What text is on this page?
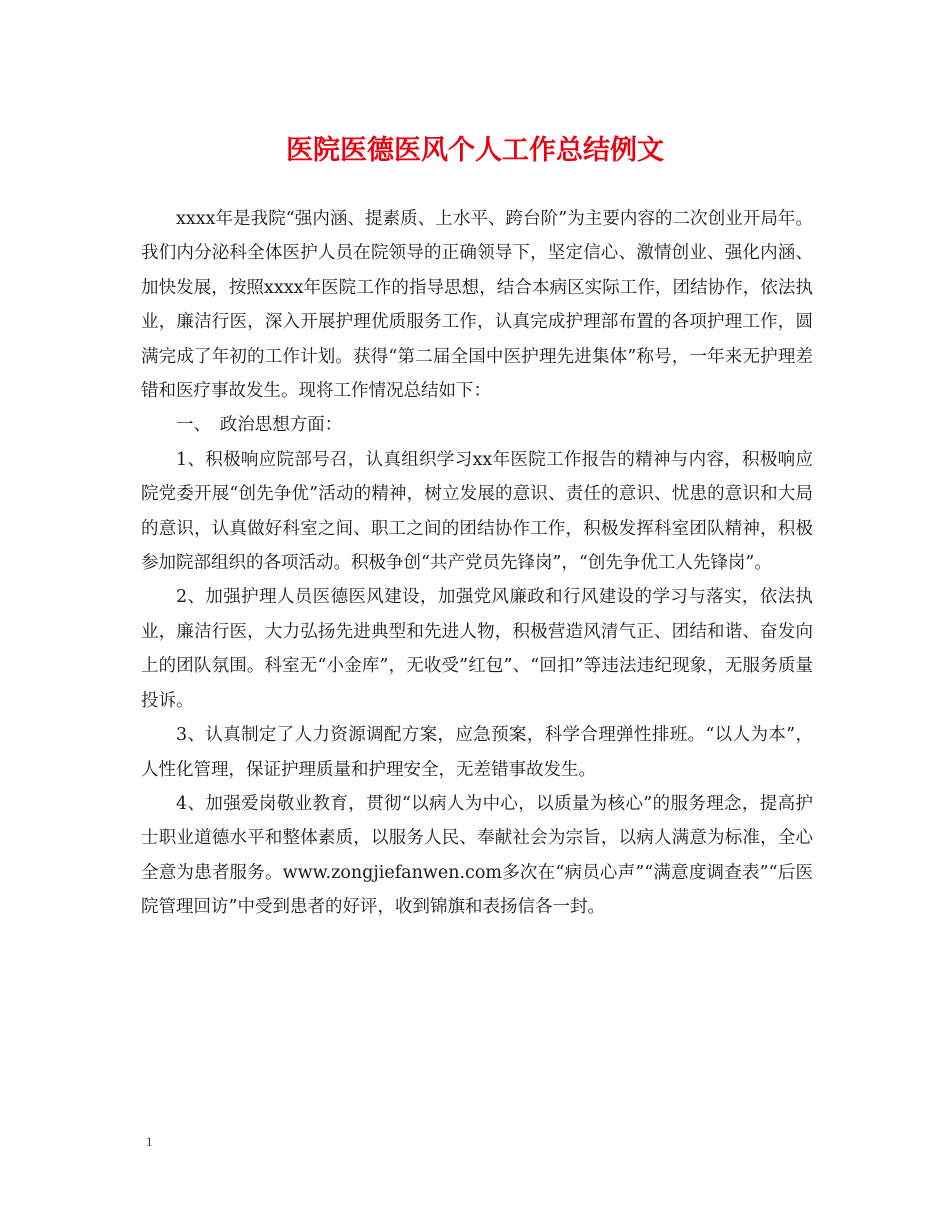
医院医德医风个人工作总结例文

xxxx年是我院“强内涵、提素质、上水平、跨台阶”为主要内容的二次创业开局年。我们内分泌科全体医护人员在院领导的正确领导下，坚定信心、激情创业、强化内涵、加快发展，按照xxxx年医院工作的指导思想，结合本病区实际工作，团结协作，依法执业，廉洁行医，深入开展护理优质服务工作，认真完成护理部布置的各项护理工作，圆满完成了年初的工作计划。获得“第二届全国中医护理先进集体”称号，一年来无护理差错和医疗事故发生。现将工作情况总结如下：

一、　政治思想方面：

1、积极响应院部号召，认真组织学习xx年医院工作报告的精神与内容，积极响应院党委开展“创先争优”活动的精神，树立发展的意识、责任的意识、忧患的意识和大局的意识，认真做好科室之间、职工之间的团结协作工作，积极发挥科室团队精神，积极参加院部组织的各项活动。积极争创“共产党员先锋岗”，“创先争优工人先锋岗”。

2、加强护理人员医德医风建设，加强党风廉政和行风建设的学习与落实，依法执业，廉洁行医，大力弘扬先进典型和先进人物，积极营造风清气正、团结和谐、奋发向上的团队氛围。科室无“小金库”，无收受”红包”、“回扣”等违法违纪现象，无服务质量投诉。

3、认真制定了人力资源调配方案，应急预案，科学合理弹性排班。“以人为本”，人性化管理，保证护理质量和护理安全，无差错事故发生。

4、加强爱岗敬业教育，贯彻“以病人为中心，以质量为核心”的服务理念，提高护士职业道德水平和整体素质，以服务人民、奉献社会为宗旨，以病人满意为标准，全心全意为患者服务。www.zongjiefanwen.com多次在“病员心声”“满意度调查表”“后医院管理回访”中受到患者的好评，收到锦旗和表扬信各一封。

1
